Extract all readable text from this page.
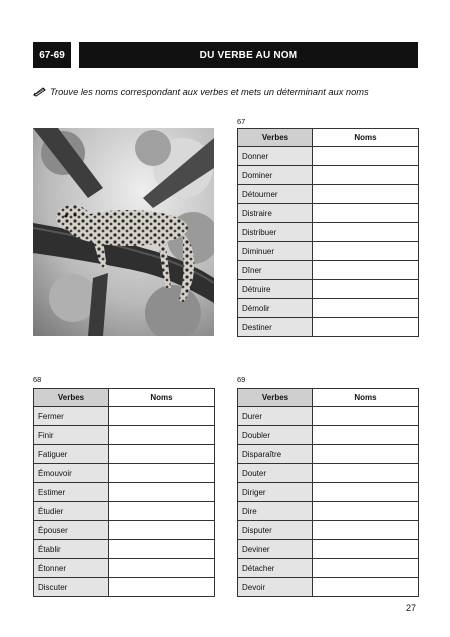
67-69	DU VERBE AU NOM
Trouve les noms correspondant aux verbes et mets un déterminant aux noms
67
Verbes	Noms
Donner	
Dominer	
Détourner	
Distraire	
Distribuer	
Diminuer	
Dîner	
Détruire	
Démolir	
Destiner	
68
Verbes	Noms
Fermer	
Finir	
Fatiguer	
Émouvoir	
Estimer	
Étudier	
Épouser	
Établir	
Étonner	
Discuter	
69
Verbes	Noms
Durer	
Doubler	
Disparaître	
Douter	
Diriger	
Dire	
Disputer	
Deviner	
Détacher	
Devoir	
27
